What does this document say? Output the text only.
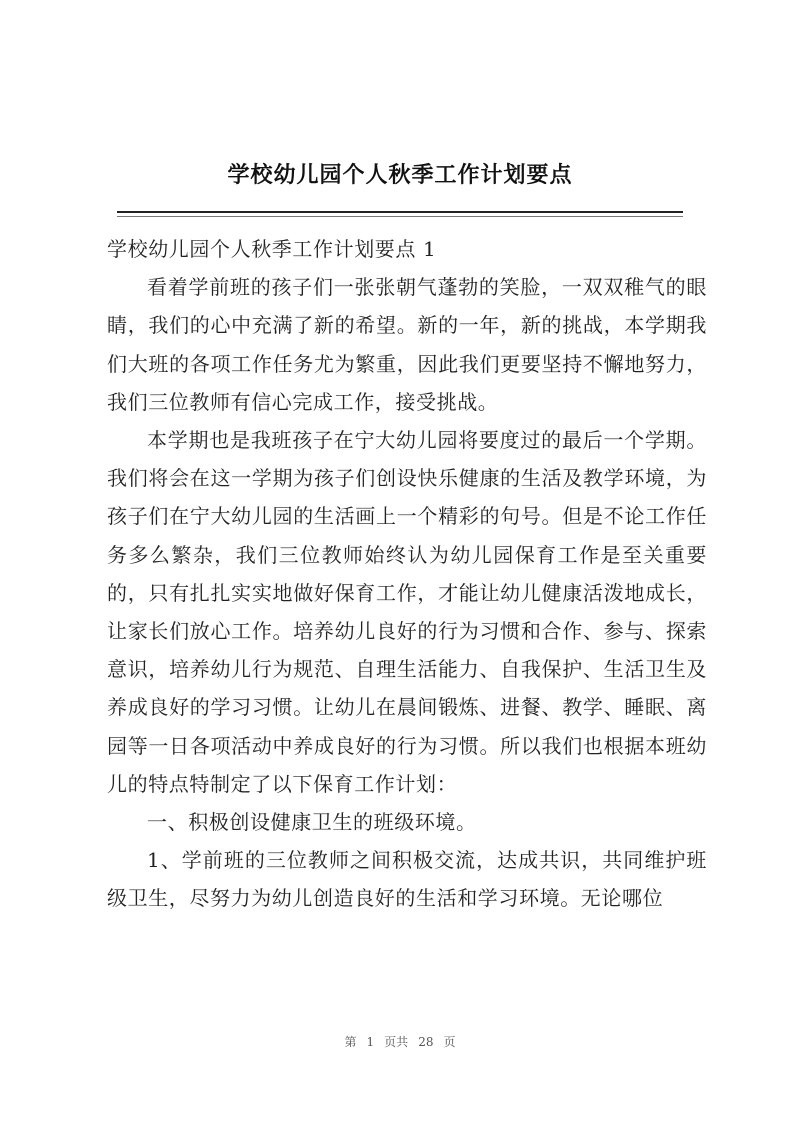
学校幼儿园个人秋季工作计划要点

学校幼儿园个人秋季工作计划要点 1

看着学前班的孩子们一张张朝气蓬勃的笑脸，一双双稚气的眼睛，我们的心中充满了新的希望。新的一年，新的挑战，本学期我们大班的各项工作任务尤为繁重，因此我们更要坚持不懈地努力，我们三位教师有信心完成工作，接受挑战。

本学期也是我班孩子在宁大幼儿园将要度过的最后一个学期。我们将会在这一学期为孩子们创设快乐健康的生活及教学环境，为孩子们在宁大幼儿园的生活画上一个精彩的句号。但是不论工作任务多么繁杂，我们三位教师始终认为幼儿园保育工作是至关重要的，只有扎扎实实地做好保育工作，才能让幼儿健康活泼地成长，让家长们放心工作。培养幼儿良好的行为习惯和合作、参与、探索意识，培养幼儿行为规范、自理生活能力、自我保护、生活卫生及养成良好的学习习惯。让幼儿在晨间锻炼、进餐、教学、睡眠、离园等一日各项活动中养成良好的行为习惯。所以我们也根据本班幼儿的特点特制定了以下保育工作计划：

一、积极创设健康卫生的班级环境。

1、学前班的三位教师之间积极交流，达成共识，共同维护班级卫生，尽努力为幼儿创造良好的生活和学习环境。无论哪位

第 1 页共 28 页
